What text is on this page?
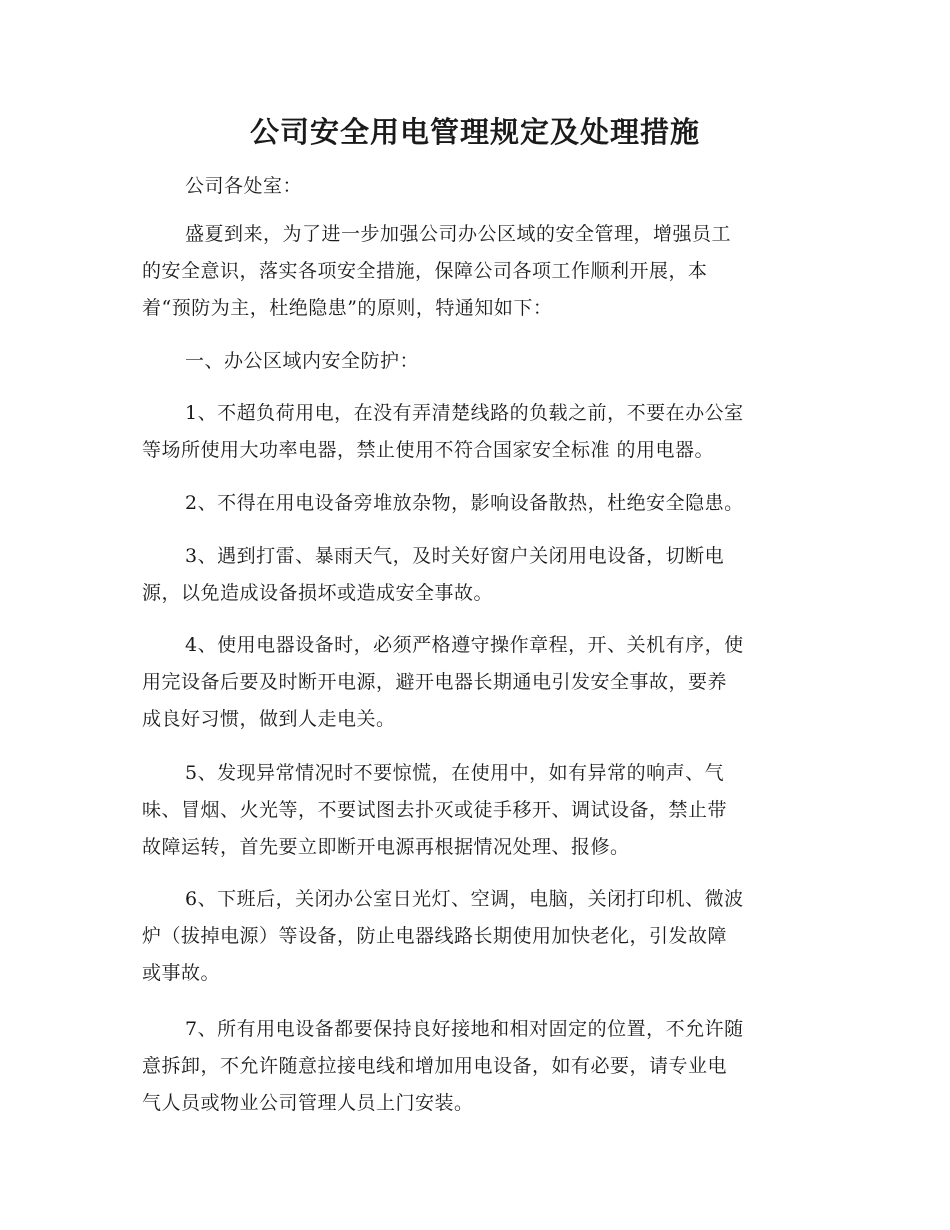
公司安全用电管理规定及处理措施

公司各处室：

盛夏到来，为了进一步加强公司办公区域的安全管理，增强员工
的安全意识，落实各项安全措施，保障公司各项工作顺利开展，本
着“预防为主，杜绝隐患”的原则，特通知如下：

一、办公区域内安全防护：

1、不超负荷用电，在没有弄清楚线路的负载之前，不要在办公室
等场所使用大功率电器，禁止使用不符合国家安全标准 的用电器。

2、不得在用电设备旁堆放杂物，影响设备散热，杜绝安全隐患。

3、遇到打雷、暴雨天气，及时关好窗户关闭用电设备，切断电
源，以免造成设备损坏或造成安全事故。

4、使用电器设备时，必须严格遵守操作章程，开、关机有序，使
用完设备后要及时断开电源，避开电器长期通电引发安全事故，要养
成良好习惯，做到人走电关。

5、发现异常情况时不要惊慌，在使用中，如有异常的响声、气
味、冒烟、火光等，不要试图去扑灭或徒手移开、调试设备，禁止带
故障运转，首先要立即断开电源再根据情况处理、报修。

6、下班后，关闭办公室日光灯、空调，电脑，关闭打印机、微波
炉（拔掉电源）等设备，防止电器线路长期使用加快老化，引发故障
或事故。

7、所有用电设备都要保持良好接地和相对固定的位置，不允许随
意拆卸，不允许随意拉接电线和增加用电设备，如有必要，请专业电
气人员或物业公司管理人员上门安装。
